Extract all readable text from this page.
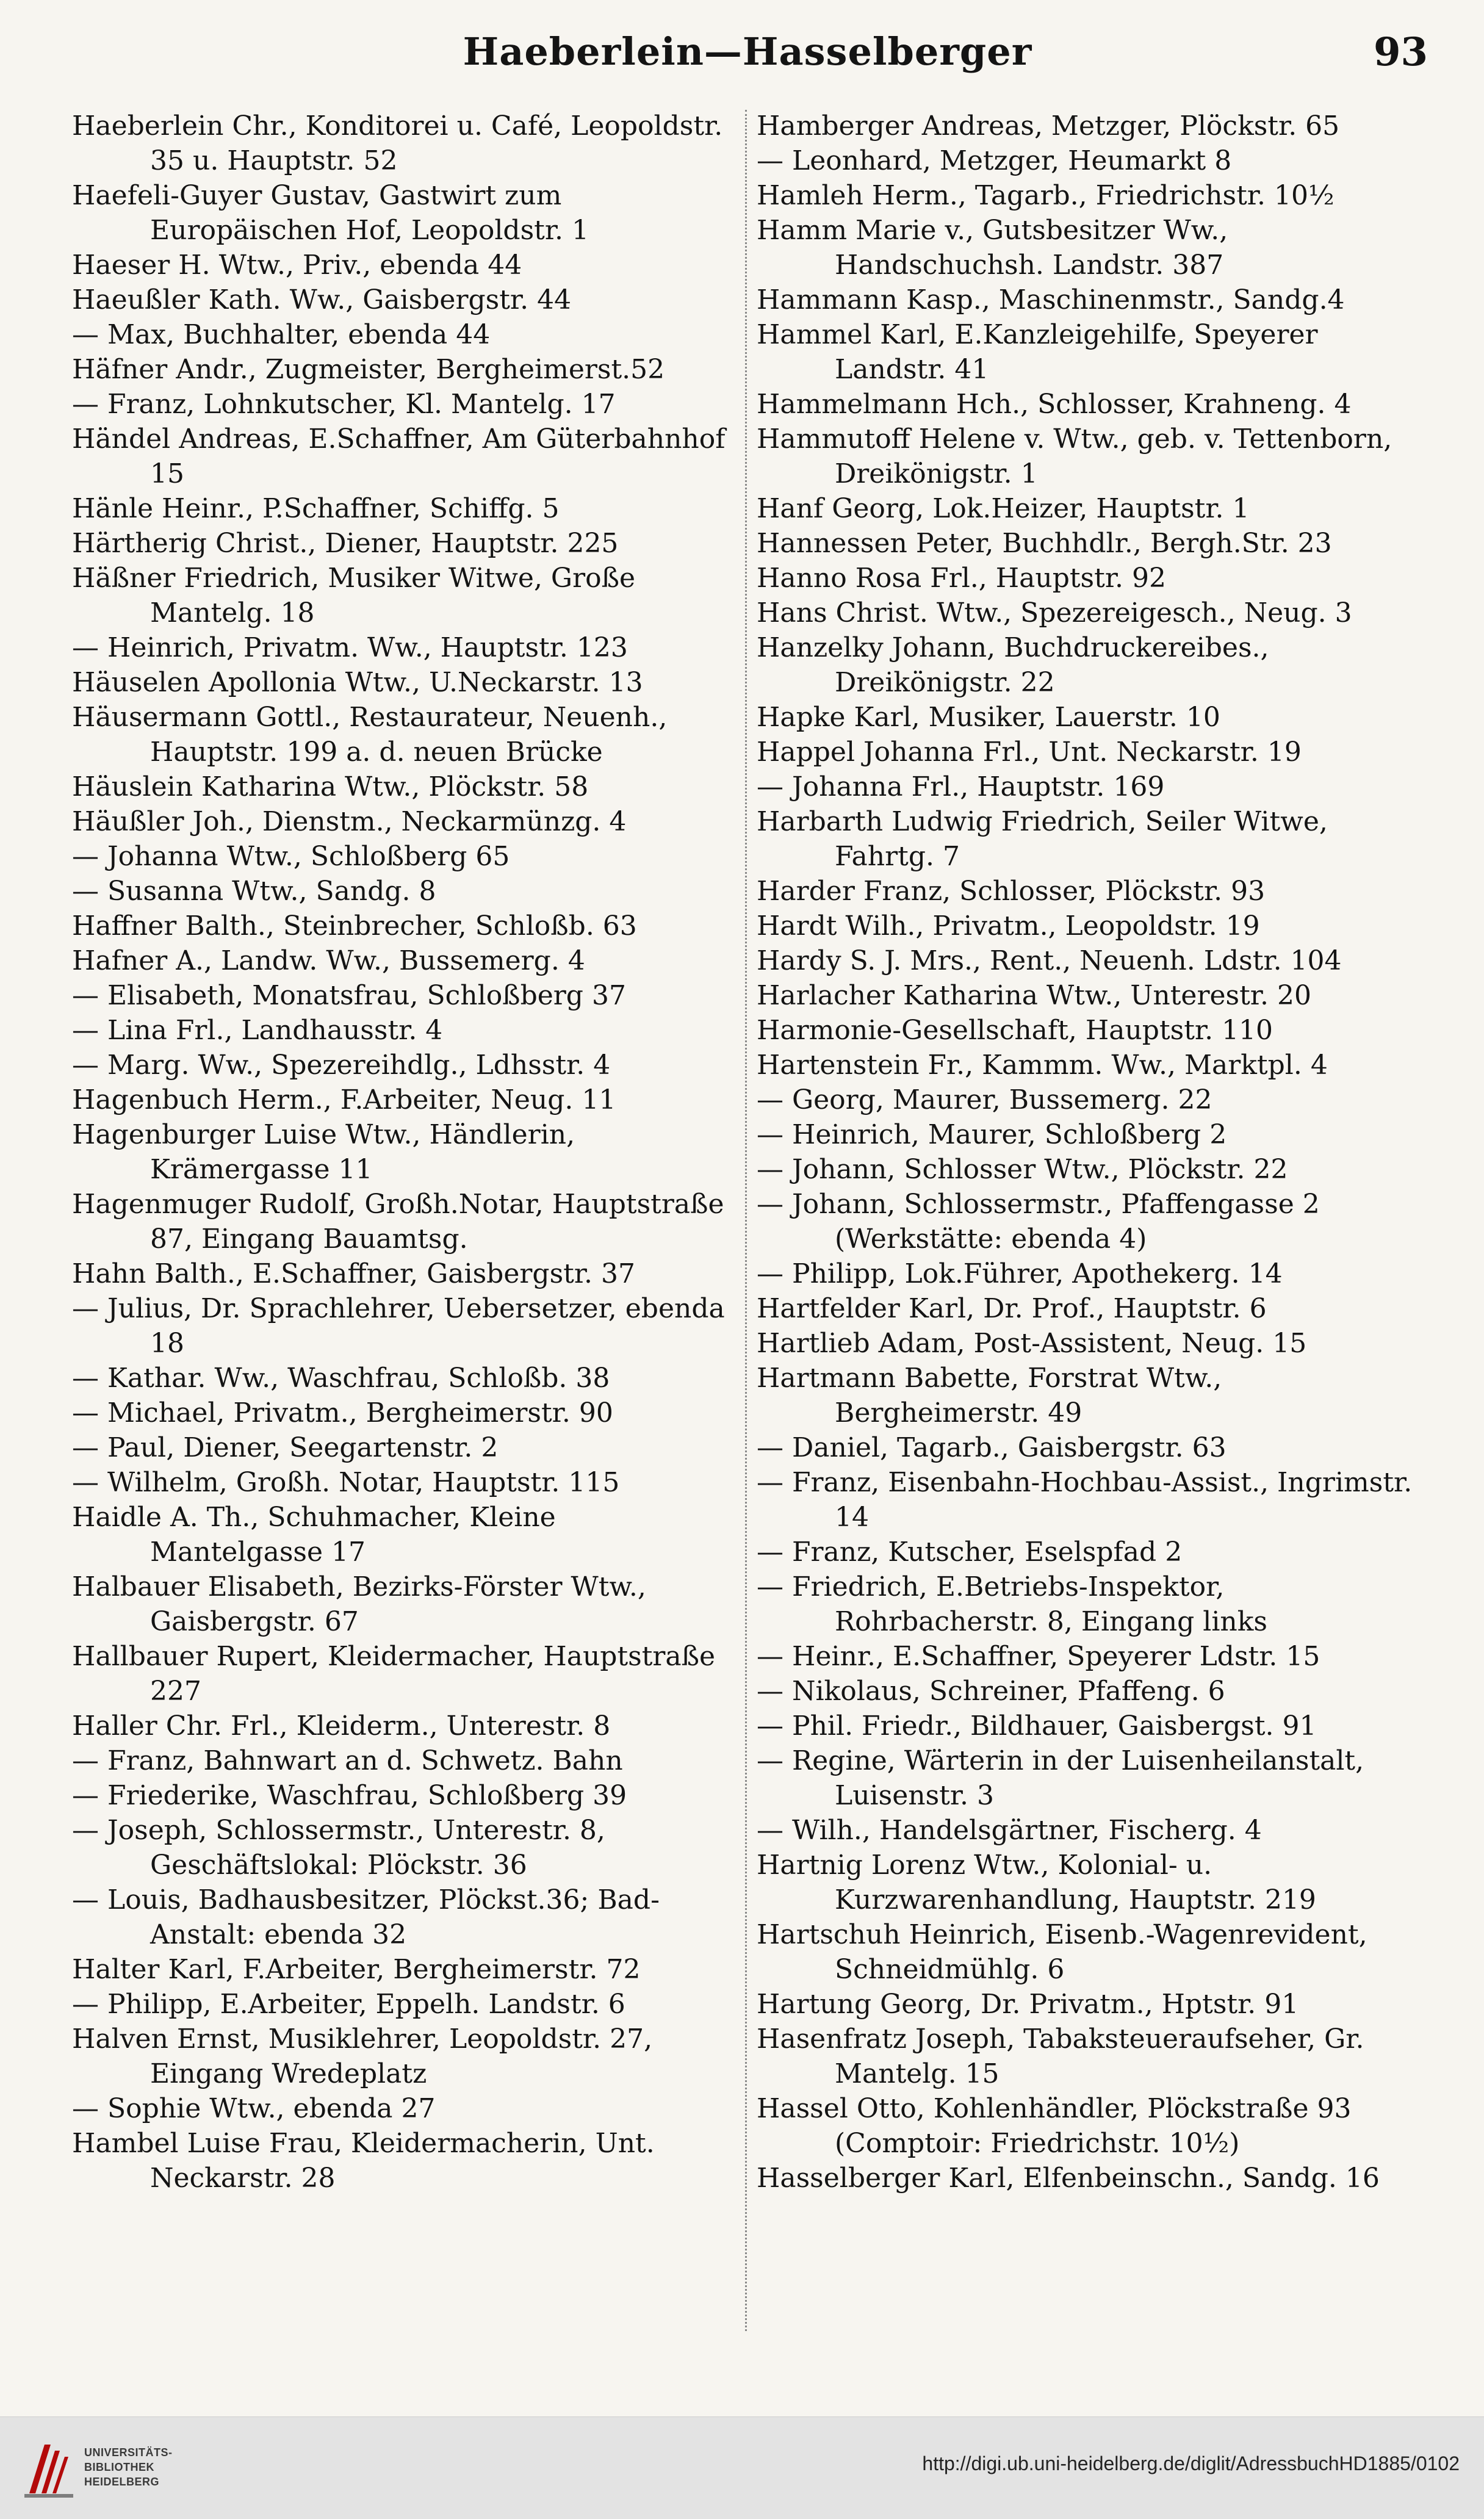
Haeberlein—Hasselberger	93

Haeberlein Chr., Konditorei u. Café, Leopoldstr. 35 u. Hauptstr. 52

Haefeli-Guyer Gustav, Gastwirt zum Europäischen Hof, Leopoldstr. 1

Haeser H. Wtw., Priv., ebenda 44

Haeußler Kath. Ww., Gaisbergstr. 44

— Max, Buchhalter, ebenda 44

Häfner Andr., Zugmeister, Bergheimerst.52

— Franz, Lohnkutscher, Kl. Mantelg. 17

Händel Andreas, E.Schaffner, Am Güterbahnhof 15

Hänle Heinr., P.Schaffner, Schiffg. 5

Härtherig Christ., Diener, Hauptstr. 225

Häßner Friedrich, Musiker Witwe, Große Mantelg. 18

— Heinrich, Privatm. Ww., Hauptstr. 123

Häuselen Apollonia Wtw., U.Neckarstr. 13

Häusermann Gottl., Restaurateur, Neuenh., Hauptstr. 199 a. d. neuen Brücke

Häuslein Katharina Wtw., Plöckstr. 58

Häußler Joh., Dienstm., Neckarmünzg. 4

— Johanna Wtw., Schloßberg 65

— Susanna Wtw., Sandg. 8

Haffner Balth., Steinbrecher, Schloßb. 63

Hafner A., Landw. Ww., Bussemerg. 4

— Elisabeth, Monatsfrau, Schloßberg 37

— Lina Frl., Landhausstr. 4

— Marg. Ww., Spezereihdlg., Ldhsstr. 4

Hagenbuch Herm., F.Arbeiter, Neug. 11

Hagenburger Luise Wtw., Händlerin, Krämergasse 11

Hagenmuger Rudolf, Großh.Notar, Hauptstraße 87, Eingang Bauamtsg.

Hahn Balth., E.Schaffner, Gaisbergstr. 37

— Julius, Dr. Sprachlehrer, Uebersetzer, ebenda 18

— Kathar. Ww., Waschfrau, Schloßb. 38

— Michael, Privatm., Bergheimerstr. 90

— Paul, Diener, Seegartenstr. 2

— Wilhelm, Großh. Notar, Hauptstr. 115

Haidle A. Th., Schuhmacher, Kleine Mantelgasse 17

Halbauer Elisabeth, Bezirks-Förster Wtw., Gaisbergstr. 67

Hallbauer Rupert, Kleidermacher, Hauptstraße 227

Haller Chr. Frl., Kleiderm., Unterestr. 8

— Franz, Bahnwart an d. Schwetz. Bahn

— Friederike, Waschfrau, Schloßberg 39

— Joseph, Schlossermstr., Unterestr. 8, Geschäftslokal: Plöckstr. 36

— Louis, Badhausbesitzer, Plöckst.36; Bad-Anstalt: ebenda 32

Halter Karl, F.Arbeiter, Bergheimerstr. 72

— Philipp, E.Arbeiter, Eppelh. Landstr. 6

Halven Ernst, Musiklehrer, Leopoldstr. 27, Eingang Wredeplatz

— Sophie Wtw., ebenda 27

Hambel Luise Frau, Kleidermacherin, Unt. Neckarstr. 28

Hamberger Andreas, Metzger, Plöckstr. 65

— Leonhard, Metzger, Heumarkt 8

Hamleh Herm., Tagarb., Friedrichstr. 10½

Hamm Marie v., Gutsbesitzer Ww., Handschuchsh. Landstr. 387

Hammann Kasp., Maschinenmstr., Sandg.4

Hammel Karl, E.Kanzleigehilfe, Speyerer Landstr. 41

Hammelmann Hch., Schlosser, Krahneng. 4

Hammutoff Helene v. Wtw., geb. v. Tettenborn, Dreikönigstr. 1

Hanf Georg, Lok.Heizer, Hauptstr. 1

Hannessen Peter, Buchhdlr., Bergh.Str. 23

Hanno Rosa Frl., Hauptstr. 92

Hans Christ. Wtw., Spezereigesch., Neug. 3

Hanzelky Johann, Buchdruckereibes., Dreikönigstr. 22

Hapke Karl, Musiker, Lauerstr. 10

Happel Johanna Frl., Unt. Neckarstr. 19

— Johanna Frl., Hauptstr. 169

Harbarth Ludwig Friedrich, Seiler Witwe, Fahrtg. 7

Harder Franz, Schlosser, Plöckstr. 93

Hardt Wilh., Privatm., Leopoldstr. 19

Hardy S. J. Mrs., Rent., Neuenh. Ldstr. 104

Harlacher Katharina Wtw., Unterestr. 20

Harmonie-Gesellschaft, Hauptstr. 110

Hartenstein Fr., Kammm. Ww., Marktpl. 4

— Georg, Maurer, Bussemerg. 22

— Heinrich, Maurer, Schloßberg 2

— Johann, Schlosser Wtw., Plöckstr. 22

— Johann, Schlossermstr., Pfaffengasse 2 (Werkstätte: ebenda 4)

— Philipp, Lok.Führer, Apothekerg. 14

Hartfelder Karl, Dr. Prof., Hauptstr. 6

Hartlieb Adam, Post-Assistent, Neug. 15

Hartmann Babette, Forstrat Wtw., Bergheimerstr. 49

— Daniel, Tagarb., Gaisbergstr. 63

— Franz, Eisenbahn-Hochbau-Assist., Ingrimstr. 14

— Franz, Kutscher, Eselspfad 2

— Friedrich, E.Betriebs-Inspektor, Rohrbacherstr. 8, Eingang links

— Heinr., E.Schaffner, Speyerer Ldstr. 15

— Nikolaus, Schreiner, Pfaffeng. 6

— Phil. Friedr., Bildhauer, Gaisbergst. 91

— Regine, Wärterin in der Luisenheilanstalt, Luisenstr. 3

— Wilh., Handelsgärtner, Fischerg. 4

Hartnig Lorenz Wtw., Kolonial- u. Kurzwarenhandlung, Hauptstr. 219

Hartschuh Heinrich, Eisenb.-Wagenrevident, Schneidmühlg. 6

Hartung Georg, Dr. Privatm., Hptstr. 91

Hasenfratz Joseph, Tabaksteueraufseher, Gr. Mantelg. 15

Hassel Otto, Kohlenhändler, Plöckstraße 93 (Comptoir: Friedrichstr. 10½)

Hasselberger Karl, Elfenbeinschn., Sandg. 16

UNIVERSITÄTS-
BIBLIOTHEK
HEIDELBERG
http://digi.ub.uni-heidelberg.de/diglit/AdressbuchHD1885/0102
